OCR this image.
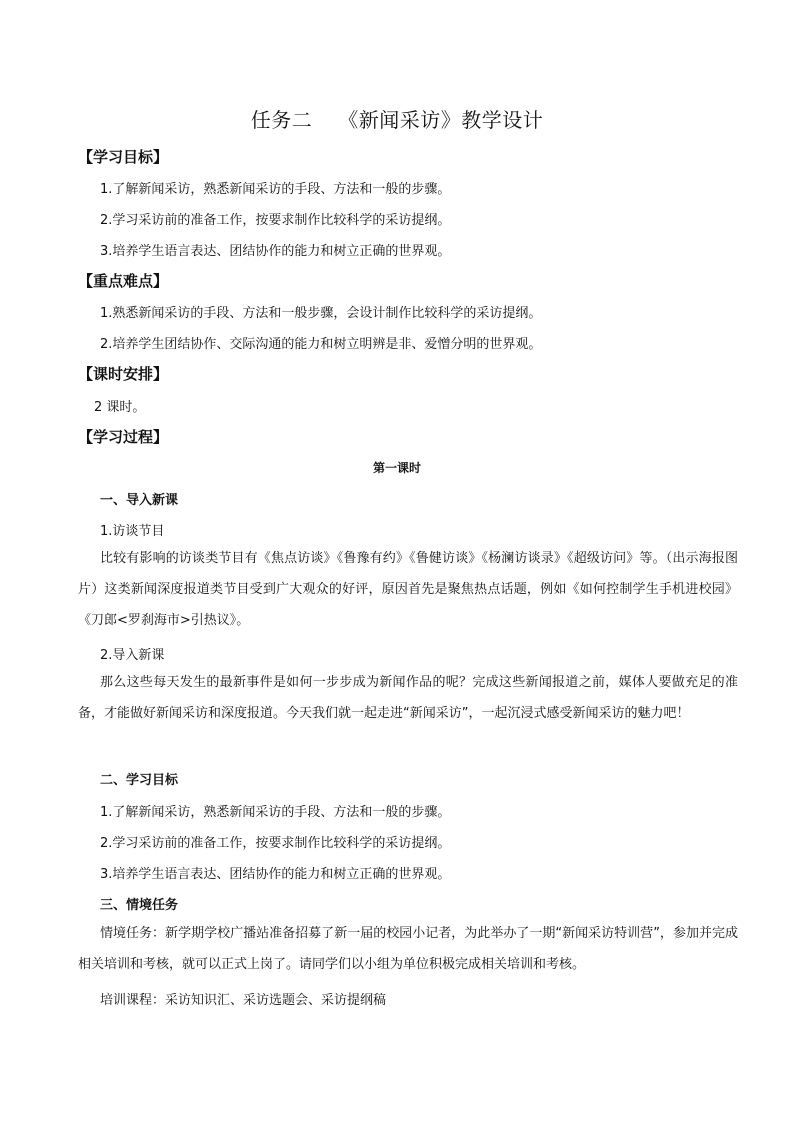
任务二 《新闻采访》教学设计
【学习目标】
1.了解新闻采访，熟悉新闻采访的手段、方法和一般的步骤。
2.学习采访前的准备工作，按要求制作比较科学的采访提纲。
3.培养学生语言表达、团结协作的能力和树立正确的世界观。
【重点难点】
1.熟悉新闻采访的手段、方法和一般步骤，会设计制作比较科学的采访提纲。
2.培养学生团结协作、交际沟通的能力和树立明辨是非、爱憎分明的世界观。
【课时安排】
2 课时。
【学习过程】
第一课时
一、导入新课
1.访谈节目
比较有影响的访谈类节目有《焦点访谈》《鲁豫有约》《鲁健访谈》《杨澜访谈录》《超级访问》等。（出示海报图片）这类新闻深度报道类节目受到广大观众的好评，原因首先是聚焦热点话题，例如《如何控制学生手机进校园》《刀郎<罗刹海市>引热议》。
2.导入新课
那么这些每天发生的最新事件是如何一步步成为新闻作品的呢？完成这些新闻报道之前，媒体人要做充足的准备，才能做好新闻采访和深度报道。今天我们就一起走进“新闻采访”，一起沉浸式感受新闻采访的魅力吧！
二、学习目标
1.了解新闻采访，熟悉新闻采访的手段、方法和一般的步骤。
2.学习采访前的准备工作，按要求制作比较科学的采访提纲。
3.培养学生语言表达、团结协作的能力和树立正确的世界观。
三、情境任务
情境任务：新学期学校广播站准备招募了新一届的校园小记者，为此举办了一期“新闻采访特训营”，参加并完成相关培训和考核，就可以正式上岗了。请同学们以小组为单位积极完成相关培训和考核。
培训课程：采访知识汇、采访选题会、采访提纲稿
